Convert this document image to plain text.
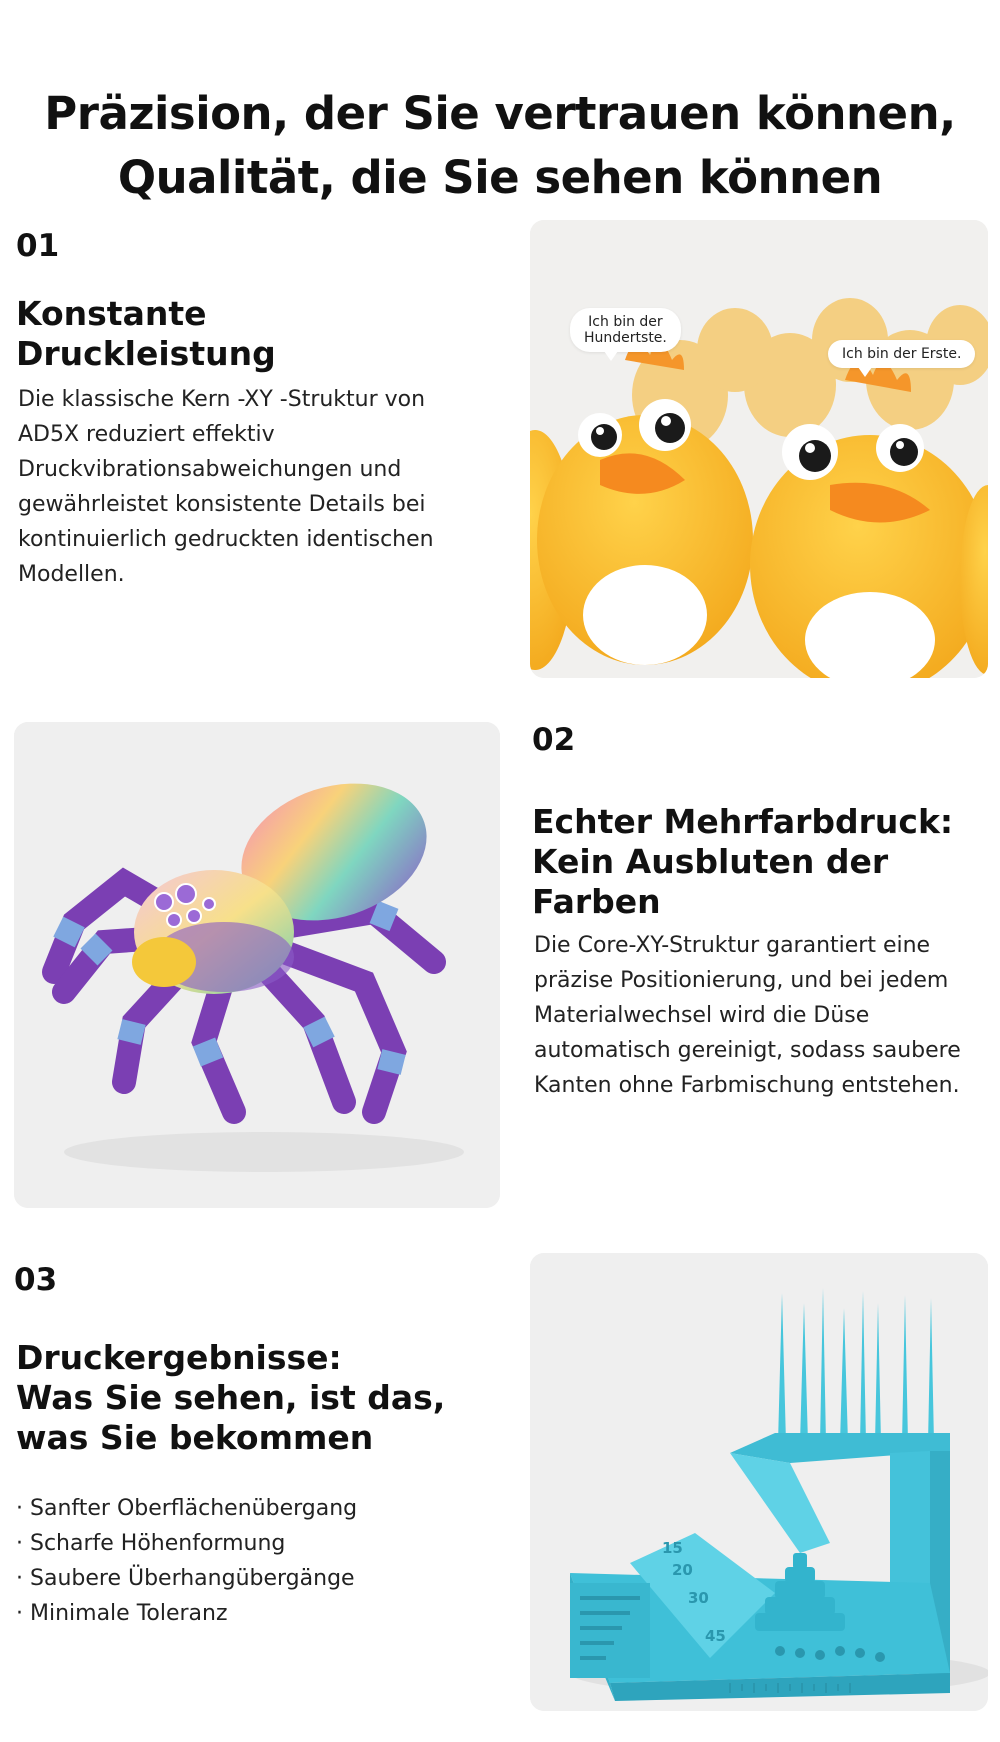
Präzision, der Sie vertrauen können,
Qualität, die Sie sehen können
01
Konstante
Druckleistung

Die klassische Kern -XY -Struktur von AD5X reduziert effektiv Druckvibrationsabweichungen und gewährleistet konsistente Details bei kontinuierlich gedruckten identischen Modellen.

Ich bin der
Hundertste.
Ich bin der Erste.
02
Echter Mehrfarbdruck:
Kein Ausbluten der
Farben

Die Core-XY-Struktur garantiert eine präzise Positionierung, und bei jedem Materialwechsel wird die Düse automatisch gereinigt, sodass saubere Kanten ohne Farbmischung entstehen.

03
Druckergebnisse:
Was Sie sehen, ist das,
was Sie bekommen
· Sanfter Oberflächenübergang
· Scharfe Höhenformung
· Saubere Überhangübergänge
· Minimale Toleranz
15
20
30
45
